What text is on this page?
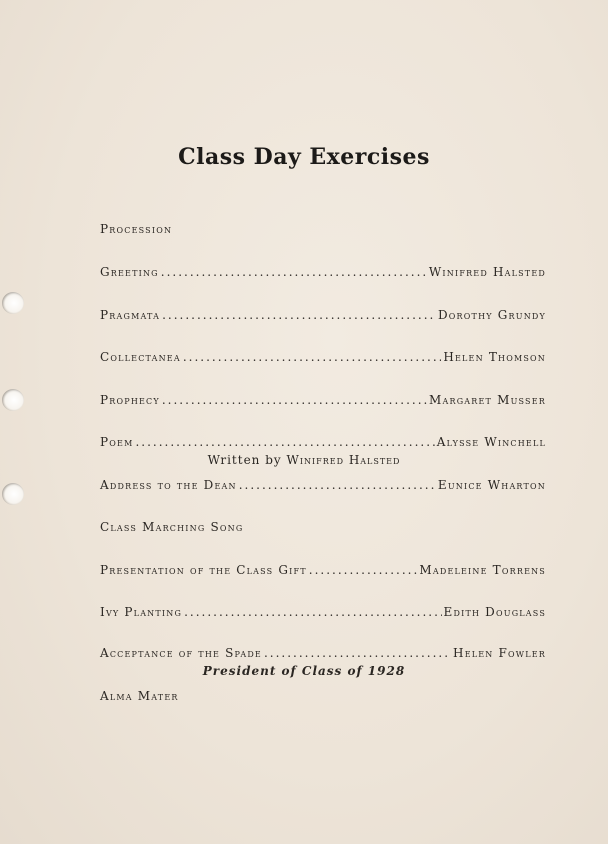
Class Day Exercises
Procession
Greeting .....	Winifred Halsted
Pragmata .....	Dorothy Grundy
Collectanea .....	Helen Thomson
Prophecy .....	Margaret Musser
Poem .....	Alysse Winchell
Written by Winifred Halsted
Address to the Dean .....	Eunice Wharton
Class Marching Song
Presentation of the Class Gift .....	Madeleine Torrens
Ivy Planting .....	Edith Douglass
Acceptance of the Spade .....	Helen Fowler
President of Class of 1928
Alma Mater
